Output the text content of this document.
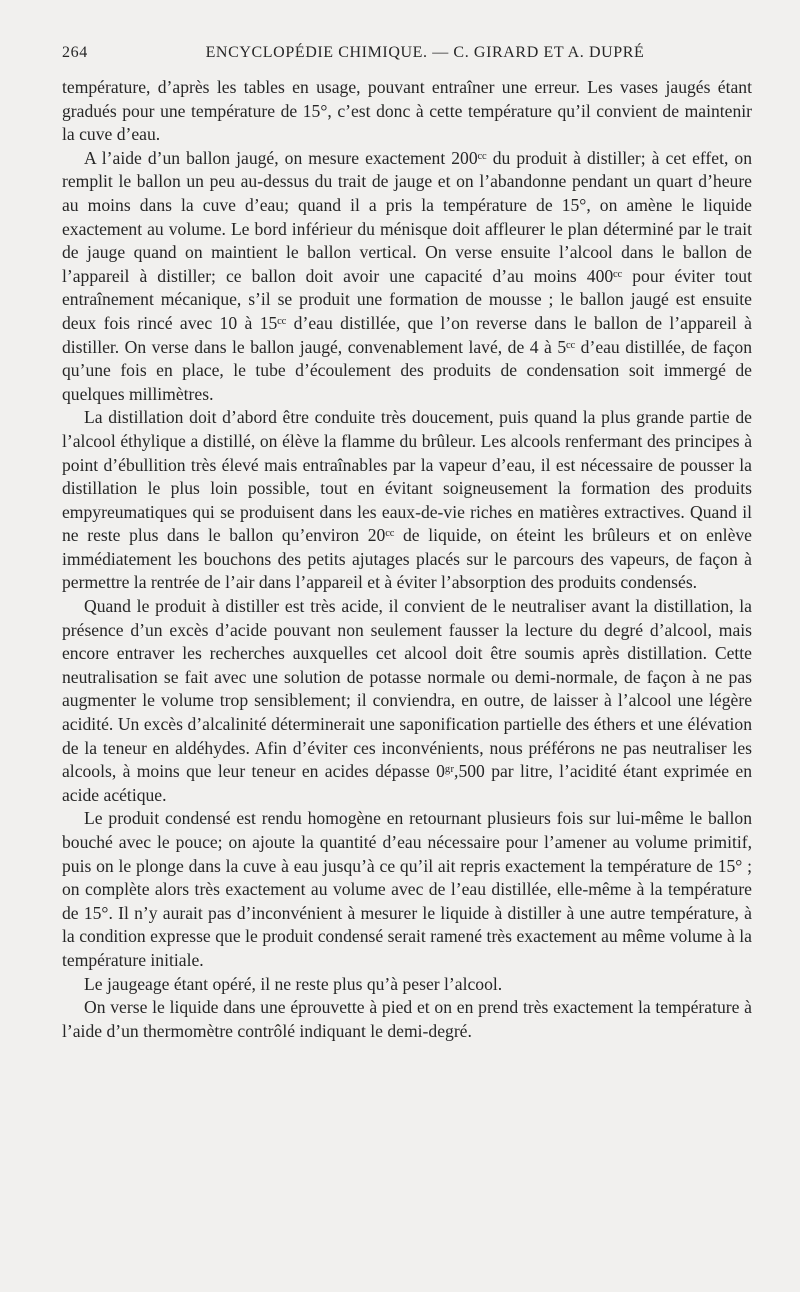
264	ENCYCLOPÉDIE CHIMIQUE. — C. GIRARD ET A. DUPRÉ

température, d’après les tables en usage, pouvant entraîner une erreur. Les vases jaugés étant gradués pour une température de 15°, c’est donc à cette température qu’il convient de maintenir la cuve d’eau.

A l’aide d’un ballon jaugé, on mesure exactement 200ᶜᶜ du produit à distiller; à cet effet, on remplit le ballon un peu au-dessus du trait de jauge et on l’abandonne pendant un quart d’heure au moins dans la cuve d’eau; quand il a pris la température de 15°, on amène le liquide exactement au volume. Le bord inférieur du ménisque doit affleurer le plan déterminé par le trait de jauge quand on maintient le ballon vertical. On verse ensuite l’alcool dans le ballon de l’appareil à distiller; ce ballon doit avoir une capacité d’au moins 400ᶜᶜ pour éviter tout entraînement mécanique, s’il se produit une formation de mousse ; le ballon jaugé est ensuite deux fois rincé avec 10 à 15ᶜᶜ d’eau distillée, que l’on reverse dans le ballon de l’appareil à distiller. On verse dans le ballon jaugé, convenablement lavé, de 4 à 5ᶜᶜ d’eau distillée, de façon qu’une fois en place, le tube d’écoulement des produits de condensation soit immergé de quelques millimètres.

La distillation doit d’abord être conduite très doucement, puis quand la plus grande partie de l’alcool éthylique a distillé, on élève la flamme du brûleur. Les alcools renfermant des principes à point d’ébullition très élevé mais entraînables par la vapeur d’eau, il est nécessaire de pousser la distillation le plus loin possible, tout en évitant soigneusement la formation des produits empyreumatiques qui se produisent dans les eaux-de-vie riches en matières extractives. Quand il ne reste plus dans le ballon qu’environ 20ᶜᶜ de liquide, on éteint les brûleurs et on enlève immédiatement les bouchons des petits ajutages placés sur le parcours des vapeurs, de façon à permettre la rentrée de l’air dans l’appareil et à éviter l’absorption des produits condensés.

Quand le produit à distiller est très acide, il convient de le neutraliser avant la distillation, la présence d’un excès d’acide pouvant non seulement fausser la lecture du degré d’alcool, mais encore entraver les recherches auxquelles cet alcool doit être soumis après distillation. Cette neutralisation se fait avec une solution de potasse normale ou demi-normale, de façon à ne pas augmenter le volume trop sensiblement; il conviendra, en outre, de laisser à l’alcool une légère acidité. Un excès d’alcalinité déterminerait une saponification partielle des éthers et une élévation de la teneur en aldéhydes. Afin d’éviter ces inconvénients, nous préférons ne pas neutraliser les alcools, à moins que leur teneur en acides dépasse 0ᵍʳ,500 par litre, l’acidité étant exprimée en acide acétique.

Le produit condensé est rendu homogène en retournant plusieurs fois sur lui-même le ballon bouché avec le pouce; on ajoute la quantité d’eau nécessaire pour l’amener au volume primitif, puis on le plonge dans la cuve à eau jusqu’à ce qu’il ait repris exactement la température de 15° ; on complète alors très exactement au volume avec de l’eau distillée, elle-même à la température de 15°. Il n’y aurait pas d’inconvénient à mesurer le liquide à distiller à une autre température, à la condition expresse que le produit condensé serait ramené très exactement au même volume à la température initiale.

Le jaugeage étant opéré, il ne reste plus qu’à peser l’alcool.

On verse le liquide dans une éprouvette à pied et on en prend très exactement la température à l’aide d’un thermomètre contrôlé indiquant le demi-degré.
